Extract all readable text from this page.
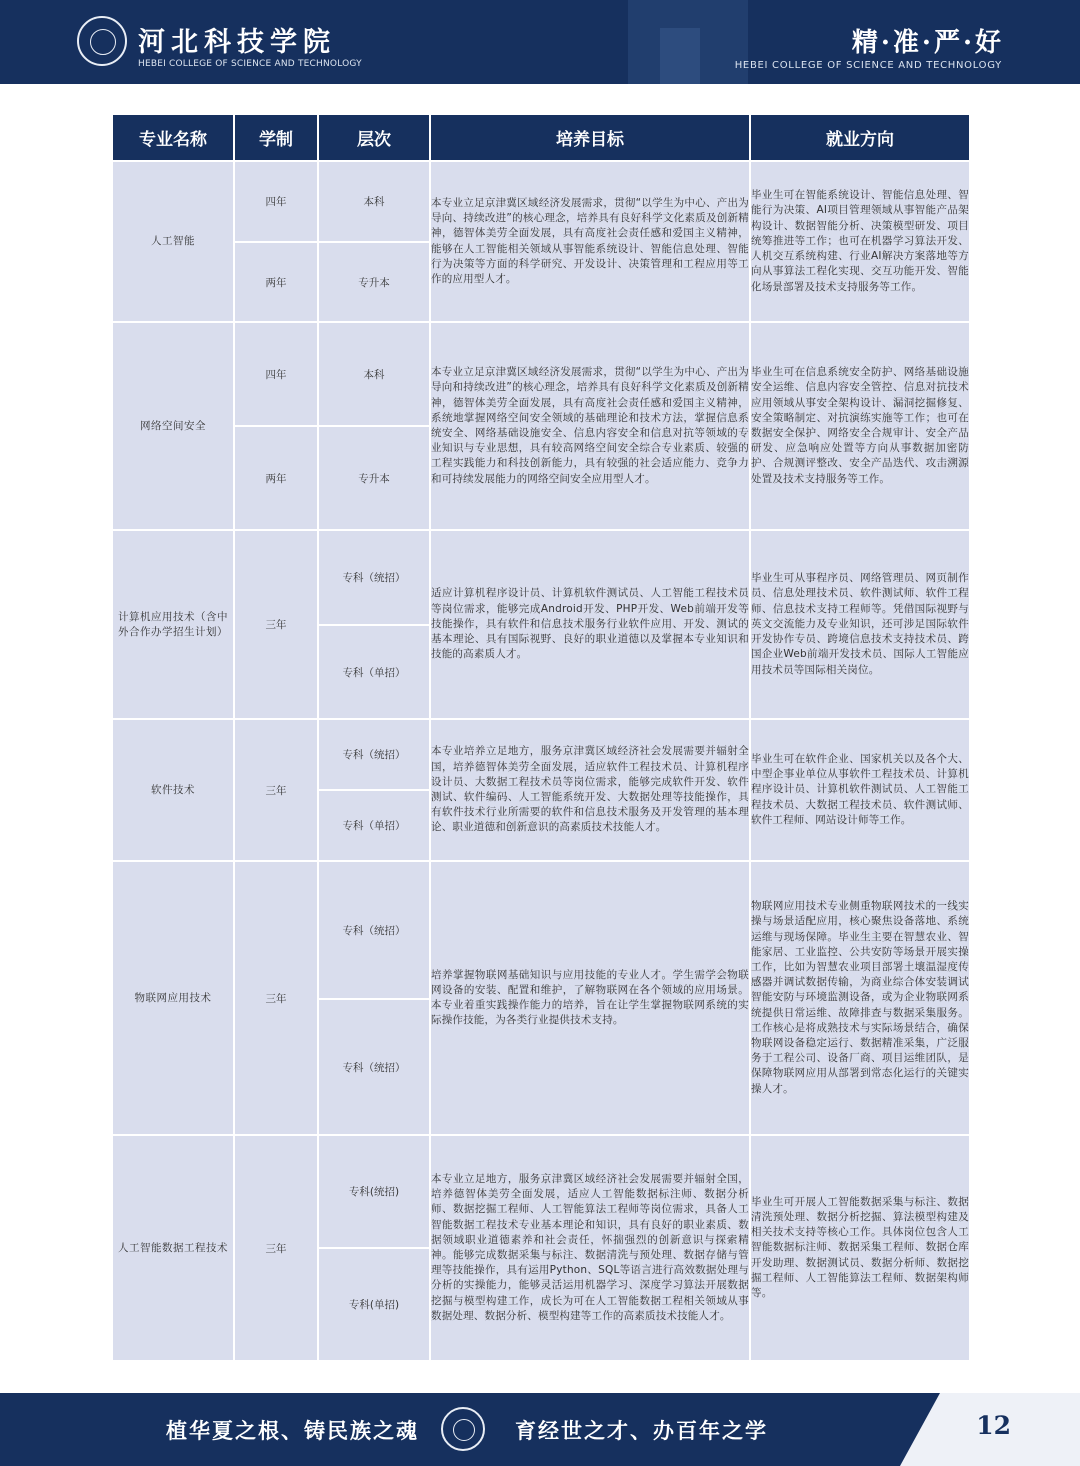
河北科技学院
HEBEI COLLEGE OF SCIENCE AND TECHNOLOGY
精·准·严·好
HEBEI COLLEGE OF SCIENCE AND TECHNOLOGY
专业名称	学制	层次	培养目标	就业方向
人工智能	四年	本科	本专业立足京津冀区域经济发展需求，贯彻“以学生为中心、产出为导向、持续改进”的核心理念，培养具有良好科学文化素质及创新精神，德智体美劳全面发展，具有高度社会责任感和爱国主义精神，能够在人工智能相关领域从事智能系统设计、智能信息处理、智能行为决策等方面的科学研究、开发设计、决策管理和工程应用等工作的应用型人才。	毕业生可在智能系统设计、智能信息处理、智能行为决策、AI项目管理领域从事智能产品架构设计、数据智能分析、决策模型研发、项目统筹推进等工作；也可在机器学习算法开发、人机交互系统构建、行业AI解决方案落地等方向从事算法工程化实现、交互功能开发、智能化场景部署及技术支持服务等工作。
	两年	专升本		
网络空间安全	四年	本科	本专业立足京津冀区域经济发展需求，贯彻“以学生为中心、产出为导向和持续改进”的核心理念，培养具有良好科学文化素质及创新精神，德智体美劳全面发展，具有高度社会责任感和爱国主义精神，系统地掌握网络空间安全领域的基础理论和技术方法，掌握信息系统安全、网络基础设施安全、信息内容安全和信息对抗等领域的专业知识与专业思想，具有较高网络空间安全综合专业素质、较强的工程实践能力和科技创新能力，具有较强的社会适应能力、竞争力和可持续发展能力的网络空间安全应用型人才。	毕业生可在信息系统安全防护、网络基础设施安全运维、信息内容安全管控、信息对抗技术应用领域从事安全架构设计、漏洞挖掘修复、安全策略制定、对抗演练实施等工作；也可在数据安全保护、网络安全合规审计、安全产品研发、应急响应处置等方向从事数据加密防护、合规测评整改、安全产品迭代、攻击溯源处置及技术支持服务等工作。
	两年	专升本		
计算机应用技术（含中外合作办学招生计划）	三年	专科（统招）	适应计算机程序设计员、计算机软件测试员、人工智能工程技术员等岗位需求，能够完成Android开发、PHP开发、Web前端开发等技能操作，具有软件和信息技术服务行业软件应用、开发、测试的基本理论、具有国际视野、良好的职业道德以及掌握本专业知识和技能的高素质人才。	毕业生可从事程序员、网络管理员、网页制作员、信息处理技术员、软件测试师、软件工程师、信息技术支持工程师等。凭借国际视野与英文交流能力及专业知识，还可涉足国际软件开发协作专员、跨境信息技术支持技术员、跨国企业Web前端开发技术员、国际人工智能应用技术员等国际相关岗位。
		专科（单招）		
软件技术	三年	专科（统招）	本专业培养立足地方，服务京津冀区域经济社会发展需要并辐射全国，培养德智体美劳全面发展，适应软件工程技术员、计算机程序设计员、大数据工程技术员等岗位需求，能够完成软件开发、软件测试、软件编码、人工智能系统开发、大数据处理等技能操作，具有软件技术行业所需要的软件和信息技术服务及开发管理的基本理论、职业道德和创新意识的高素质技术技能人才。	毕业生可在软件企业、国家机关以及各个大、中型企事业单位从事软件工程技术员、计算机程序设计员、计算机软件测试员、人工智能工程技术员、大数据工程技术员、软件测试师、软件工程师、网站设计师等工作。
		专科（单招）		
物联网应用技术	三年	专科（统招）	培养掌握物联网基础知识与应用技能的专业人才。学生需学会物联网设备的安装、配置和维护，了解物联网在各个领域的应用场景。本专业着重实践操作能力的培养，旨在让学生掌握物联网系统的实际操作技能，为各类行业提供技术支持。	物联网应用技术专业侧重物联网技术的一线实操与场景适配应用，核心聚焦设备落地、系统运维与现场保障。毕业生主要在智慧农业、智能家居、工业监控、公共安防等场景开展实操工作，比如为智慧农业项目部署土壤温湿度传感器并调试数据传输，为商业综合体安装调试智能安防与环境监测设备，或为企业物联网系统提供日常运维、故障排查与数据采集服务。工作核心是将成熟技术与实际场景结合，确保物联网设备稳定运行、数据精准采集，广泛服务于工程公司、设备厂商、项目运维团队，是保障物联网应用从部署到常态化运行的关键实操人才。
		专科（统招）		
人工智能数据工程技术	三年	专科(统招)	本专业立足地方，服务京津冀区域经济社会发展需要并辐射全国，培养德智体美劳全面发展，适应人工智能数据标注师、数据分析师、数据挖掘工程师、人工智能算法工程师等岗位需求，具备人工智能数据工程技术专业基本理论和知识，具有良好的职业素质、数据领域职业道德素养和社会责任，怀揣强烈的创新意识与探索精神。能够完成数据采集与标注、数据清洗与预处理、数据存储与管理等技能操作，具有运用Python、SQL等语言进行高效数据处理与分析的实操能力，能够灵活运用机器学习、深度学习算法开展数据挖掘与模型构建工作，成长为可在人工智能数据工程相关领域从事数据处理、数据分析、模型构建等工作的高素质技术技能人才。	毕业生可开展人工智能数据采集与标注、数据清洗预处理、数据分析挖掘、算法模型构建及相关技术支持等核心工作。具体岗位包含人工智能数据标注师、数据采集工程师、数据仓库开发助理、数据测试员、数据分析师、数据挖掘工程师、人工智能算法工程师、数据架构师等。
		专科(单招)		
植华夏之根、铸民族之魂	育经世之才、办百年之学	12
